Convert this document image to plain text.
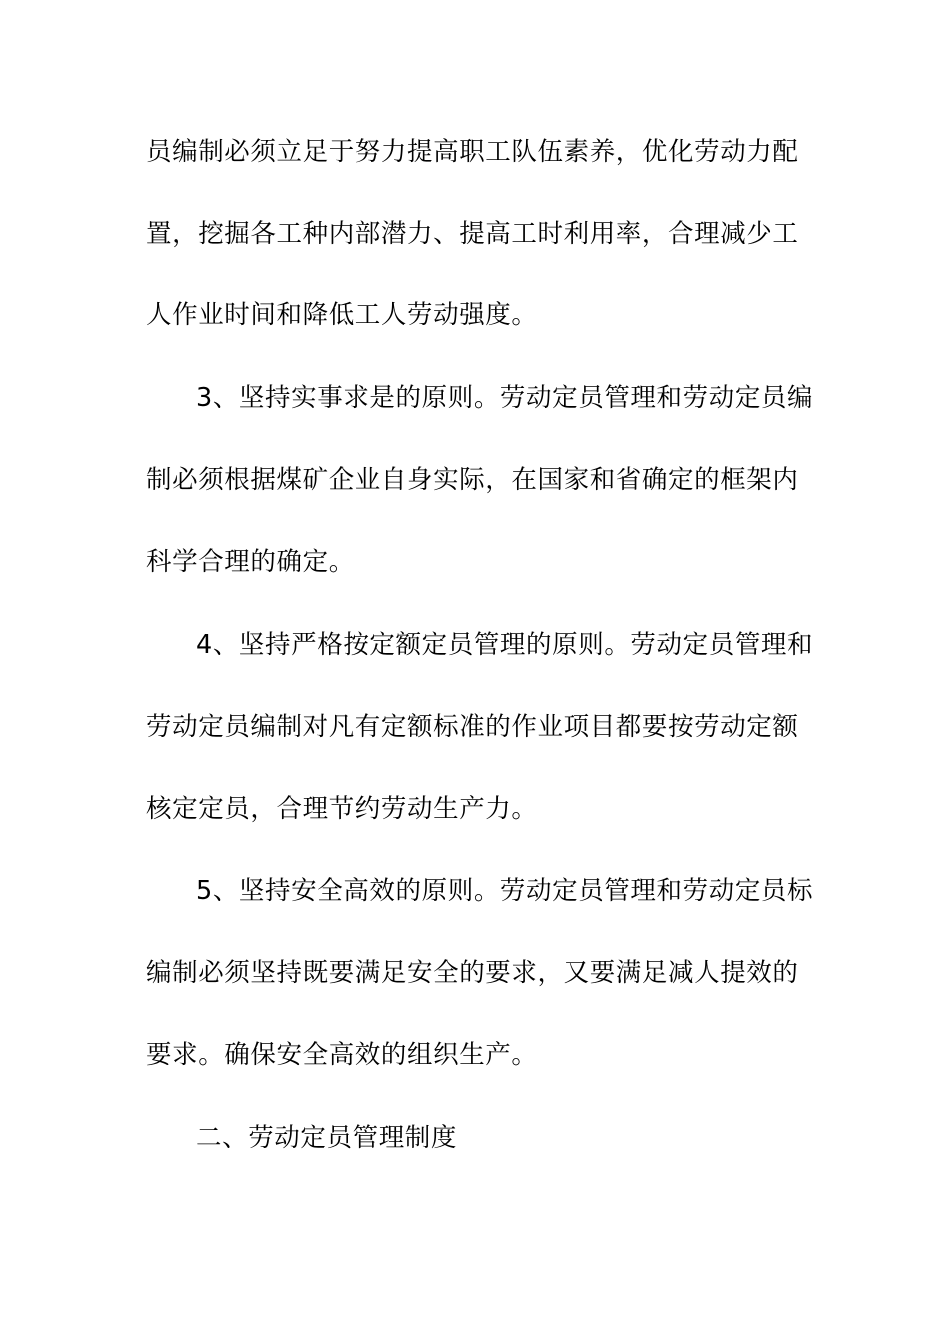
员编制必须立足于努力提高职工队伍素养，优化劳动力配
置，挖掘各工种内部潜力、提高工时利用率，合理减少工
人作业时间和降低工人劳动强度。
3、坚持实事求是的原则。劳动定员管理和劳动定员编
制必须根据煤矿企业自身实际，在国家和省确定的框架内
科学合理的确定。
4、坚持严格按定额定员管理的原则。劳动定员管理和
劳动定员编制对凡有定额标准的作业项目都要按劳动定额
核定定员，合理节约劳动生产力。
5、坚持安全高效的原则。劳动定员管理和劳动定员标
编制必须坚持既要满足安全的要求，又要满足减人提效的
要求。确保安全高效的组织生产。
二、劳动定员管理制度
